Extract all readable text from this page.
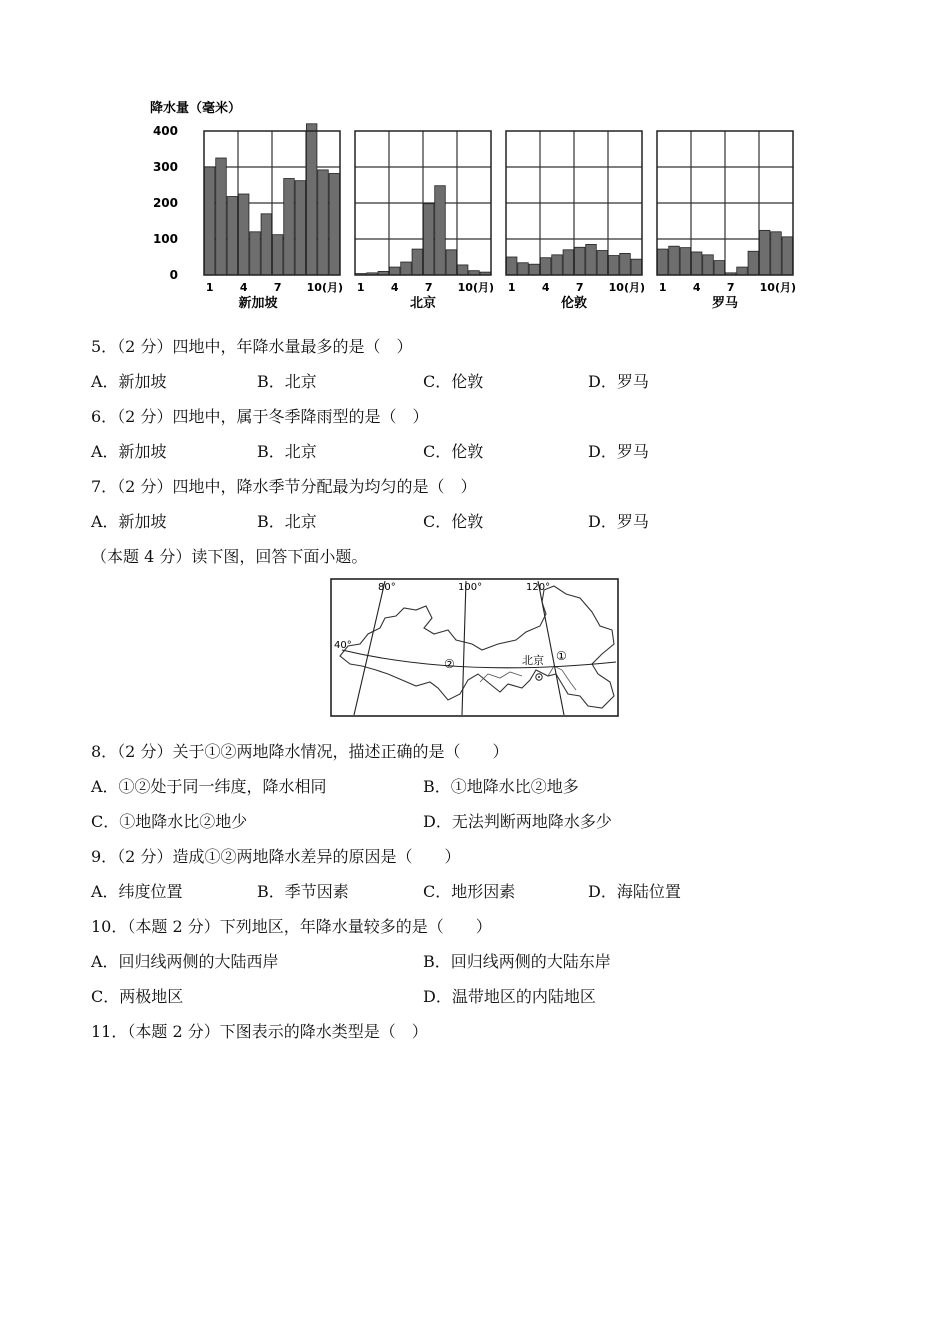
降水量（毫米）
400
300
200
100
0
1 4 7 10(月)
新加坡
1 4 7 10(月)
北京
1 4 7 10(月)
伦敦
1 4 7 10(月)
罗马
5．（2 分）四地中，年降水量最多的是（　）
A．新加坡	B．北京	C．伦敦	D．罗马
6．（2 分）四地中，属于冬季降雨型的是（　）
A．新加坡	B．北京	C．伦敦	D．罗马
7．（2 分）四地中，降水季节分配最为均匀的是（　）
A．新加坡	B．北京	C．伦敦	D．罗马
（本题 4 分）读下图，回答下面小题。
80°	100°	120°
40°
②	北京 ①
8．（2 分）关于①②两地降水情况，描述正确的是（　　）
A．①②处于同一纬度，降水相同	B．①地降水比②地多
C．①地降水比②地少	D．无法判断两地降水多少
9．（2 分）造成①②两地降水差异的原因是（　　）
A．纬度位置	B．季节因素	C．地形因素	D．海陆位置
10．（本题 2 分）下列地区，年降水量较多的是（　　）
A．回归线两侧的大陆西岸	B．回归线两侧的大陆东岸
C．两极地区	D．温带地区的内陆地区
11．（本题 2 分）下图表示的降水类型是（　）
